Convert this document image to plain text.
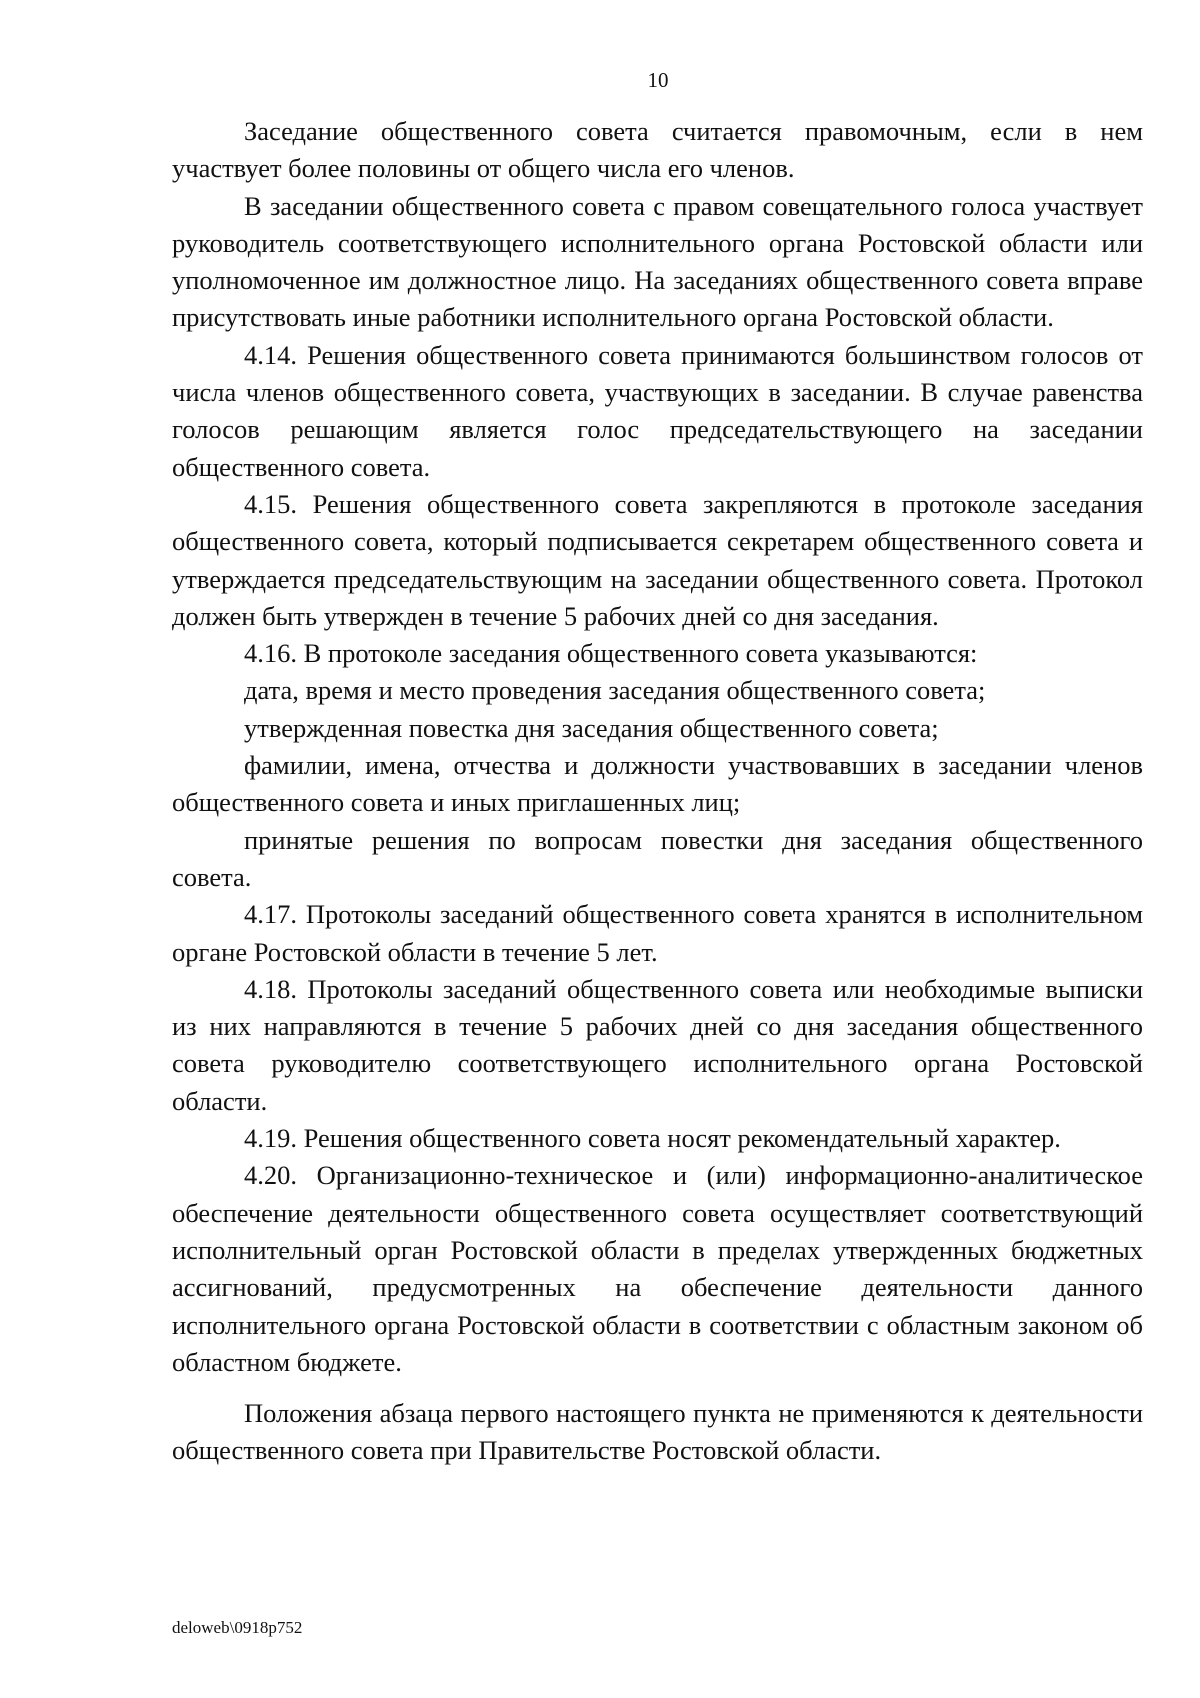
10

Заседание общественного совета считается правомочным, если в нем участвует более половины от общего числа его членов.

В заседании общественного совета с правом совещательного голоса участвует руководитель соответствующего исполнительного органа Ростовской области или уполномоченное им должностное лицо. На заседаниях общественного совета вправе присутствовать иные работники исполнительного органа Ростовской области.

4.14. Решения общественного совета принимаются большинством голосов от числа членов общественного совета, участвующих в заседании. В случае равенства голосов решающим является голос председательствующего на заседании общественного совета.

4.15. Решения общественного совета закрепляются в протоколе заседания общественного совета, который подписывается секретарем общественного совета и утверждается председательствующим на заседании общественного совета. Протокол должен быть утвержден в течение 5 рабочих дней со дня заседания.

4.16. В протоколе заседания общественного совета указываются:

дата, время и место проведения заседания общественного совета;

утвержденная повестка дня заседания общественного совета;

фамилии, имена, отчества и должности участвовавших в заседании членов общественного совета и иных приглашенных лиц;

принятые решения по вопросам повестки дня заседания общественного совета.

4.17. Протоколы заседаний общественного совета хранятся в исполнительном органе Ростовской области в течение 5 лет.

4.18. Протоколы заседаний общественного совета или необходимые выписки из них направляются в течение 5 рабочих дней со дня заседания общественного совета руководителю соответствующего исполнительного органа Ростовской области.

4.19. Решения общественного совета носят рекомендательный характер.

4.20. Организационно-техническое и (или) информационно-аналитическое обеспечение деятельности общественного совета осуществляет соответствующий исполнительный орган Ростовской области в пределах утвержденных бюджетных ассигнований, предусмотренных на обеспечение деятельности данного исполнительного органа Ростовской области в соответствии с областным законом об областном бюджете.

Положения абзаца первого настоящего пункта не применяются к деятельности общественного совета при Правительстве Ростовской области.

deloweb\0918p752
